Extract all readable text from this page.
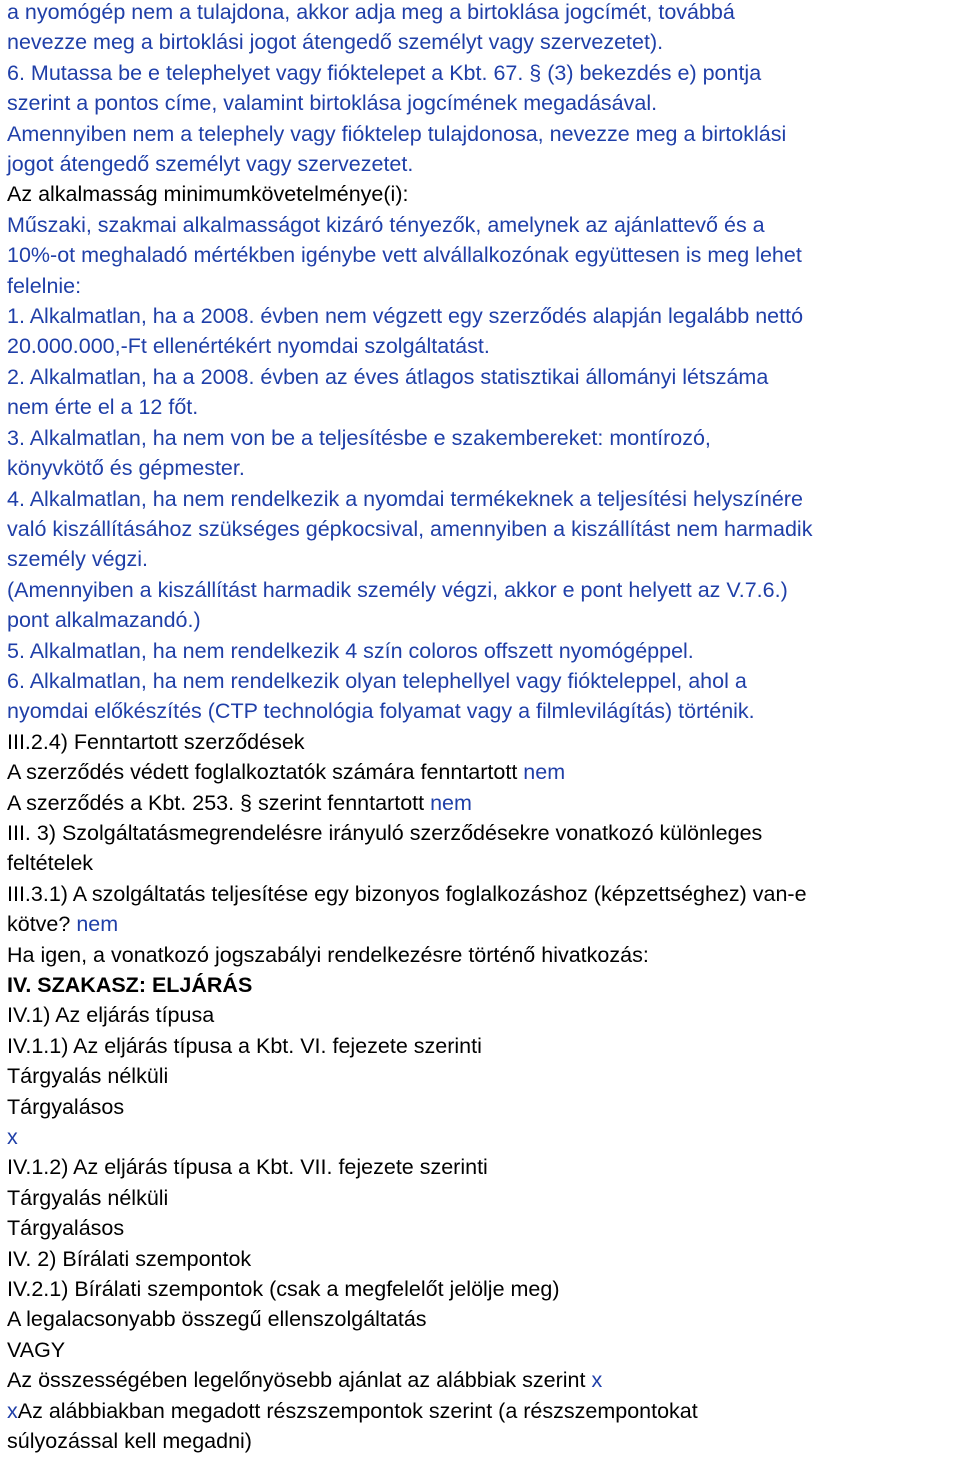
a nyomógép nem a tulajdona, akkor adja meg a birtoklása jogcímét, továbbá

nevezze meg a birtoklási jogot átengedő személyt vagy szervezetet).

6. Mutassa be e telephelyet vagy fióktelepet a Kbt. 67. § (3) bekezdés e) pontja

szerint a pontos címe, valamint birtoklása jogcímének megadásával.

Amennyiben nem a telephely vagy fióktelep tulajdonosa, nevezze meg a birtoklási

jogot átengedő személyt vagy szervezetet.

Az alkalmasság minimumkövetelménye(i):

Műszaki, szakmai alkalmasságot kizáró tényezők, amelynek az ajánlattevő és a

10%-ot meghaladó mértékben igénybe vett alvállalkozónak együttesen is meg lehet

felelnie:

1. Alkalmatlan, ha a 2008. évben nem végzett egy szerződés alapján legalább nettó

20.000.000,-Ft ellenértékért nyomdai szolgáltatást.

2. Alkalmatlan, ha a 2008. évben az éves átlagos statisztikai állományi létszáma

nem érte el a 12 főt.

3. Alkalmatlan, ha nem von be a teljesítésbe e szakembereket: montírozó,

könyvkötő és gépmester.

4. Alkalmatlan, ha nem rendelkezik a nyomdai termékeknek a teljesítési helyszínére

való kiszállításához szükséges gépkocsival, amennyiben a kiszállítást nem harmadik

személy végzi.

(Amennyiben a kiszállítást harmadik személy végzi, akkor e pont helyett az V.7.6.)

pont alkalmazandó.)

5. Alkalmatlan, ha nem rendelkezik 4 szín coloros offszett nyomógéppel.

6. Alkalmatlan, ha nem rendelkezik olyan telephellyel vagy fiókteleppel, ahol a

nyomdai előkészítés (CTP technológia folyamat vagy a filmlevilágítás) történik.

III.2.4) Fenntartott szerződések

A szerződés védett foglalkoztatók számára fenntartott nem

A szerződés a Kbt. 253. § szerint fenntartott nem

III. 3) Szolgáltatásmegrendelésre irányuló szerződésekre vonatkozó különleges

feltételek

III.3.1) A szolgáltatás teljesítése egy bizonyos foglalkozáshoz (képzettséghez) van-e

kötve? nem

Ha igen, a vonatkozó jogszabályi rendelkezésre történő hivatkozás:

IV. SZAKASZ: ELJÁRÁS

IV.1) Az eljárás típusa

IV.1.1) Az eljárás típusa a Kbt. VI. fejezete szerinti

Tárgyalás nélküli

Tárgyalásos

x

IV.1.2) Az eljárás típusa a Kbt. VII. fejezete szerinti

Tárgyalás nélküli

Tárgyalásos

IV. 2) Bírálati szempontok

IV.2.1) Bírálati szempontok (csak a megfelelőt jelölje meg)

A legalacsonyabb összegű ellenszolgáltatás

VAGY

Az összességében legelőnyösebb ajánlat az alábbiak szerint x

xAz alábbiakban megadott részszempontok szerint (a részszempontokat

súlyozással kell megadni)
